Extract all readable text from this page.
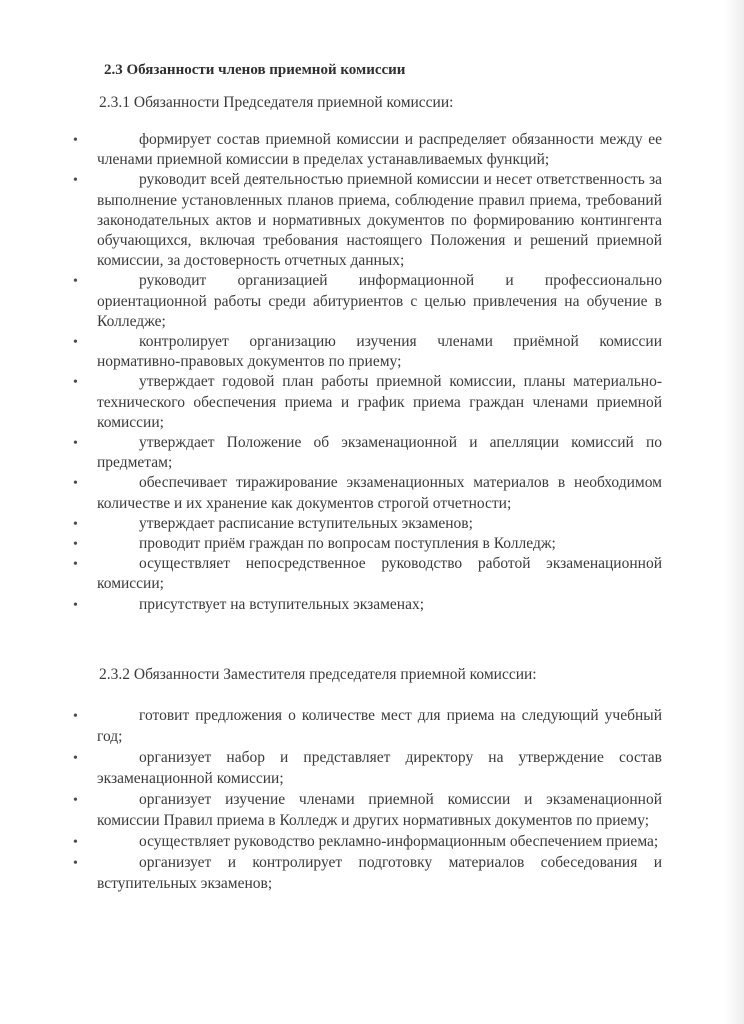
2.3 Обязанности членов приемной комиссии
2.3.1 Обязанности Председателя приемной комиссии:
•	формирует состав приемной комиссии и распределяет обязанности между ее членами приемной комиссии в пределах устанавливаемых функций;
•	руководит всей деятельностью приемной комиссии и несет ответственность за выполнение установленных планов приема, соблюдение правил приема, требований законодательных актов и нормативных документов по формированию контингента обучающихся, включая требования настоящего Положения и решений приемной комиссии, за достоверность отчетных данных;
•	руководит организацией информационной и профессионально ориентационной работы среди абитуриентов с целью привлечения на обучение в Колледже;
•	контролирует организацию изучения членами приёмной комиссии нормативно-правовых документов по приему;
•	утверждает годовой план работы приемной комиссии, планы материально-технического обеспечения приема и график приема граждан членами приемной комиссии;
•	утверждает Положение об экзаменационной и апелляции комиссий по предметам;
•	обеспечивает тиражирование экзаменационных материалов в необходимом количестве и их хранение как документов строгой отчетности;
•	утверждает расписание вступительных экзаменов;
•	проводит приём граждан по вопросам поступления в Колледж;
•	осуществляет непосредственное руководство работой экзаменационной комиссии;
•	присутствует на вступительных экзаменах;
2.3.2 Обязанности Заместителя председателя приемной комиссии:
•	готовит предложения о количестве мест для приема на следующий учебный год;
•	организует набор и представляет директору на утверждение состав экзаменационной комиссии;
•	организует изучение членами приемной комиссии и экзаменационной комиссии Правил приема в Колледж и других нормативных документов по приему;
•	осуществляет руководство рекламно-информационным обеспечением приема;
•	организует и контролирует подготовку материалов собеседования и вступительных экзаменов;
